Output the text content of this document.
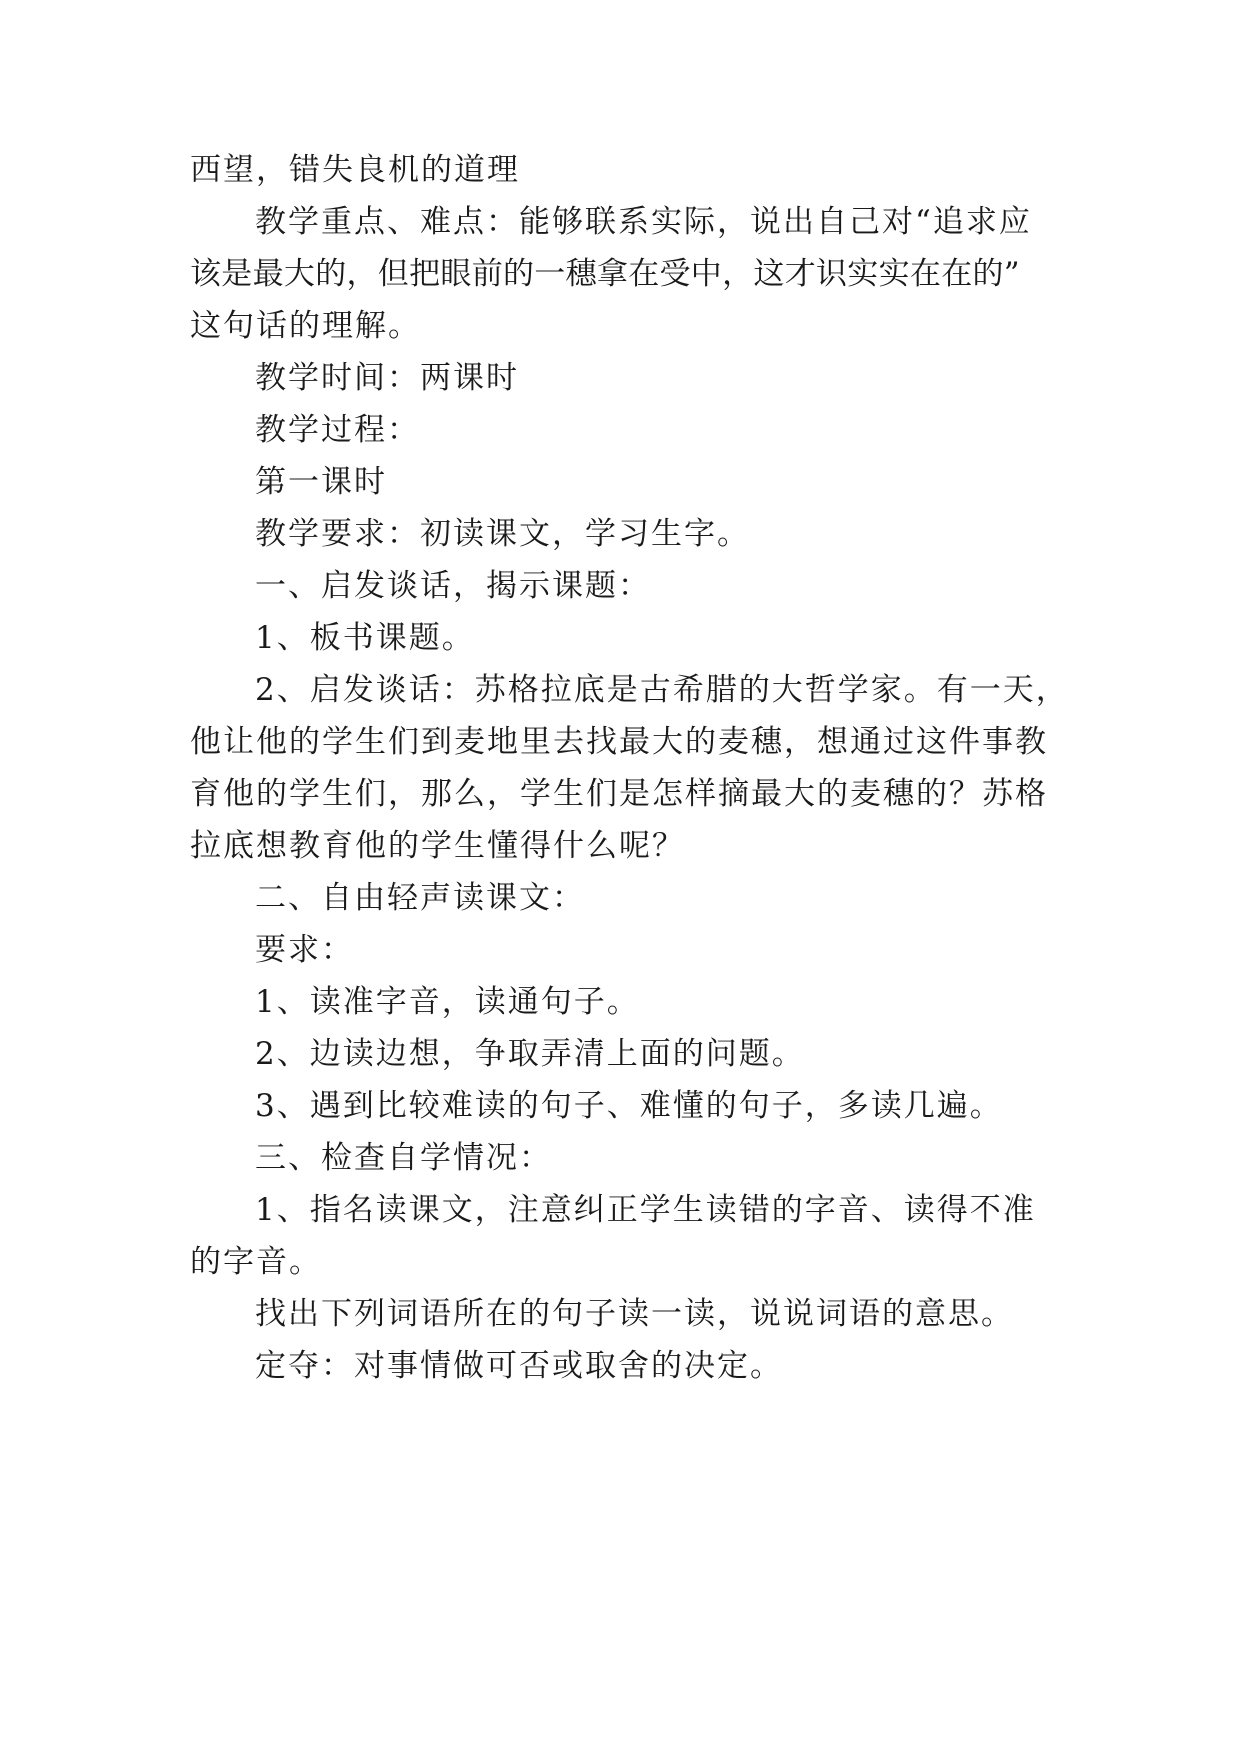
西望，错失良机的道理
教学重点、难点：能够联系实际，说出自己对“追求应
该是最大的，但把眼前的一穗拿在受中，这才识实实在在的”
这句话的理解。
教学时间：两课时
教学过程：
第一课时
教学要求：初读课文，学习生字。
一、启发谈话，揭示课题：
1、板书课题。
2、启发谈话：苏格拉底是古希腊的大哲学家。有一天，
他让他的学生们到麦地里去找最大的麦穗，想通过这件事教
育他的学生们，那么，学生们是怎样摘最大的麦穗的？苏格
拉底想教育他的学生懂得什么呢？
二、自由轻声读课文：
要求：
1、读准字音，读通句子。
2、边读边想，争取弄清上面的问题。
3、遇到比较难读的句子、难懂的句子，多读几遍。
三、检查自学情况：
1、指名读课文，注意纠正学生读错的字音、读得不准
的字音。
找出下列词语所在的句子读一读，说说词语的意思。
定夺：对事情做可否或取舍的决定。
